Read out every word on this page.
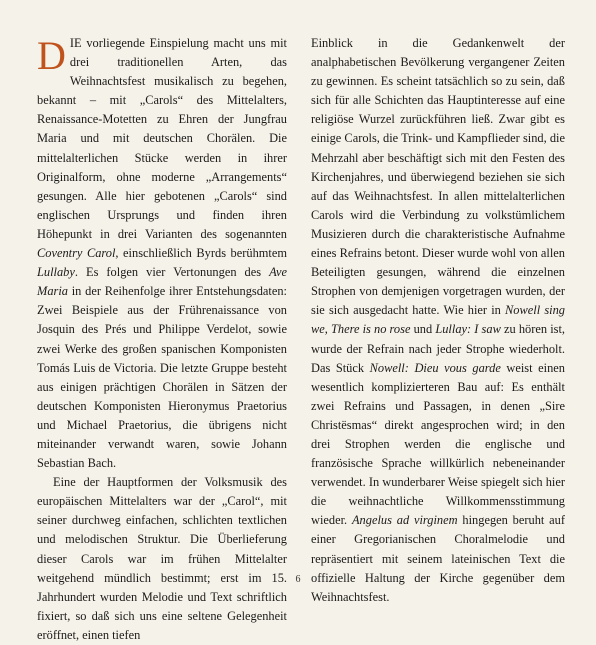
DIE vorliegende Einspielung macht uns mit drei traditionellen Arten, das Weihnachtsfest musikalisch zu begehen, bekannt – mit „Carols“ des Mittelalters, Renaissance-Motetten zu Ehren der Jungfrau Maria und mit deutschen Chorälen. Die mittelalterlichen Stücke werden in ihrer Originalform, ohne moderne „Arrangements“ gesungen. Alle hier gebotenen „Carols“ sind englischen Ursprungs und finden ihren Höhepunkt in drei Varianten des sogenannten Coventry Carol, einschließlich Byrds berühmtem Lullaby. Es folgen vier Vertonungen des Ave Maria in der Reihenfolge ihrer Entstehungsdaten: Zwei Beispiele aus der Frührenaissance von Josquin des Prés und Philippe Verdelot, sowie zwei Werke des großen spanischen Komponisten Tomás Luis de Victoria. Die letzte Gruppe besteht aus einigen prächtigen Chorälen in Sätzen der deutschen Komponisten Hieronymus Praetorius und Michael Praetorius, die übrigens nicht miteinander verwandt waren, sowie Johann Sebastian Bach.

Eine der Hauptformen der Volksmusik des europäischen Mittelalters war der „Carol“, mit seiner durchweg einfachen, schlichten textlichen und melodischen Struktur. Die Überlieferung dieser Carols war im frühen Mittelalter weitgehend mündlich bestimmt; erst im 15. Jahrhundert wurden Melodie und Text schriftlich fixiert, so daß sich uns eine seltene Gelegenheit eröffnet, einen tiefen

Einblick in die Gedankenwelt der analphabetischen Bevölkerung vergangener Zeiten zu gewinnen. Es scheint tatsächlich so zu sein, daß sich für alle Schichten das Hauptinteresse auf eine religiöse Wurzel zurückführen ließ. Zwar gibt es einige Carols, die Trink- und Kampflieder sind, die Mehrzahl aber beschäftigt sich mit den Festen des Kirchenjahres, und überwiegend beziehen sie sich auf das Weihnachtsfest. In allen mittelalterlichen Carols wird die Verbindung zu volkstümlichem Musizieren durch die charakteristische Aufnahme eines Refrains betont. Dieser wurde wohl von allen Beteiligten gesungen, während die einzelnen Strophen von demjenigen vorgetragen wurden, der sie sich ausgedacht hatte. Wie hier in Nowell sing we, There is no rose und Lullay: I saw zu hören ist, wurde der Refrain nach jeder Strophe wiederholt. Das Stück Nowell: Dieu vous garde weist einen wesentlich komplizierteren Bau auf: Es enthält zwei Refrains und Passagen, in denen „Sire Christësmas“ direkt angesprochen wird; in den drei Strophen werden die englische und französische Sprache willkürlich nebeneinander verwendet. In wunderbarer Weise spiegelt sich hier die weihnachtliche Willkommensstimmung wieder. Angelus ad virginem hingegen beruht auf einer Gregorianischen Choralmelodie und repräsentiert mit seinem lateinischen Text die offizielle Haltung der Kirche gegenüber dem Weihnachtsfest.

6
